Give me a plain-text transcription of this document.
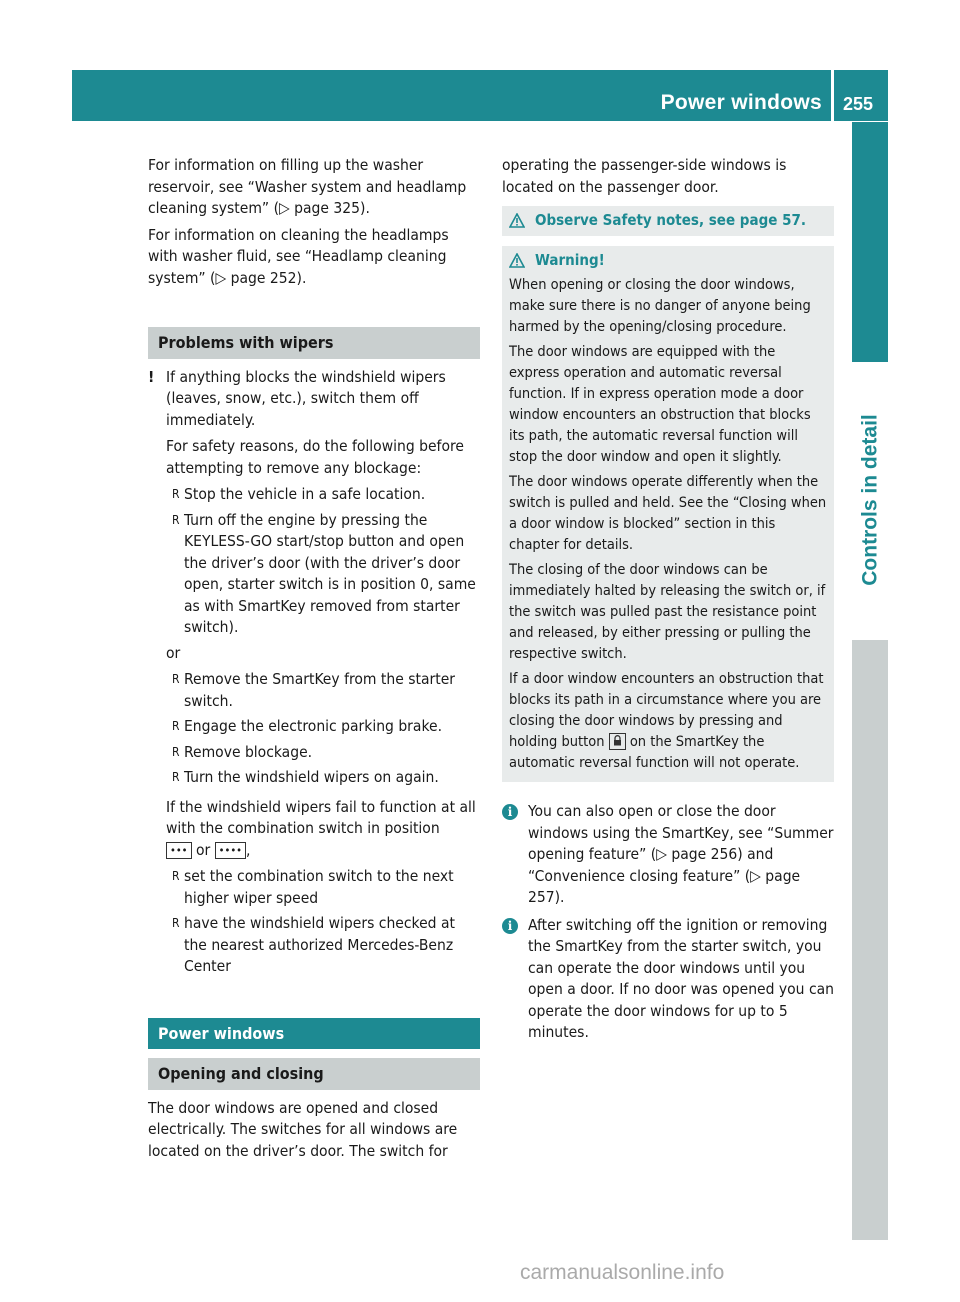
Power windows 255
Controls in detail

For information on filling up the washer reservoir, see “Washer system and headlamp cleaning system” (▷ page 325).

For information on cleaning the headlamps with washer fluid, see “Headlamp cleaning system” (▷ page 252).

Problems with wipers
! If anything blocks the windshield wipers (leaves, snow, etc.), switch them off immediately.

For safety reasons, do the following before attempting to remove any blockage:

R Stop the vehicle in a safe location.
R Turn off the engine by pressing the KEYLESS-GO start/stop button and open the driver’s door (with the driver’s door open, starter switch is in position 0, same as with SmartKey removed from starter switch).

or

R Remove the SmartKey from the starter switch.
R Engage the electronic parking brake.
R Remove blockage.
R Turn the windshield wipers on again.

If the windshield wipers fail to function at all with the combination switch in position
••• or •••• ,

R set the combination switch to the next higher wiper speed
R have the windshield wipers checked at the nearest authorized Mercedes-Benz Center
Power windows
Opening and closing

The door windows are opened and closed electrically. The switches for all windows are located on the driver’s door. The switch for

operating the passenger-side windows is located on the passenger door.

Observe Safety notes, see page 57.
Warning!

When opening or closing the door windows, make sure there is no danger of anyone being harmed by the opening/closing procedure.

The door windows are equipped with the express operation and automatic reversal function. If in express operation mode a door window encounters an obstruction that blocks its path, the automatic reversal function will stop the door window and open it slightly.

The door windows operate differently when the switch is pulled and held. See the “Closing when a door window is blocked” section in this chapter for details.

The closing of the door windows can be immediately halted by releasing the switch or, if the switch was pulled past the resistance point and released, by either pressing or pulling the respective switch.

If a door window encounters an obstruction that blocks its path in a circumstance where you are closing the door windows by pressing and holding button on the SmartKey the automatic reversal function will not operate.

i	You can also open or close the door windows using the SmartKey, see “Summer opening feature” (▷ page 256) and “Convenience closing feature” (▷ page 257).
i	After switching off the ignition or removing the SmartKey from the starter switch, you can operate the door windows until you open a door. If no door was opened you can operate the door windows for up to 5 minutes.
carmanualsonline.info
